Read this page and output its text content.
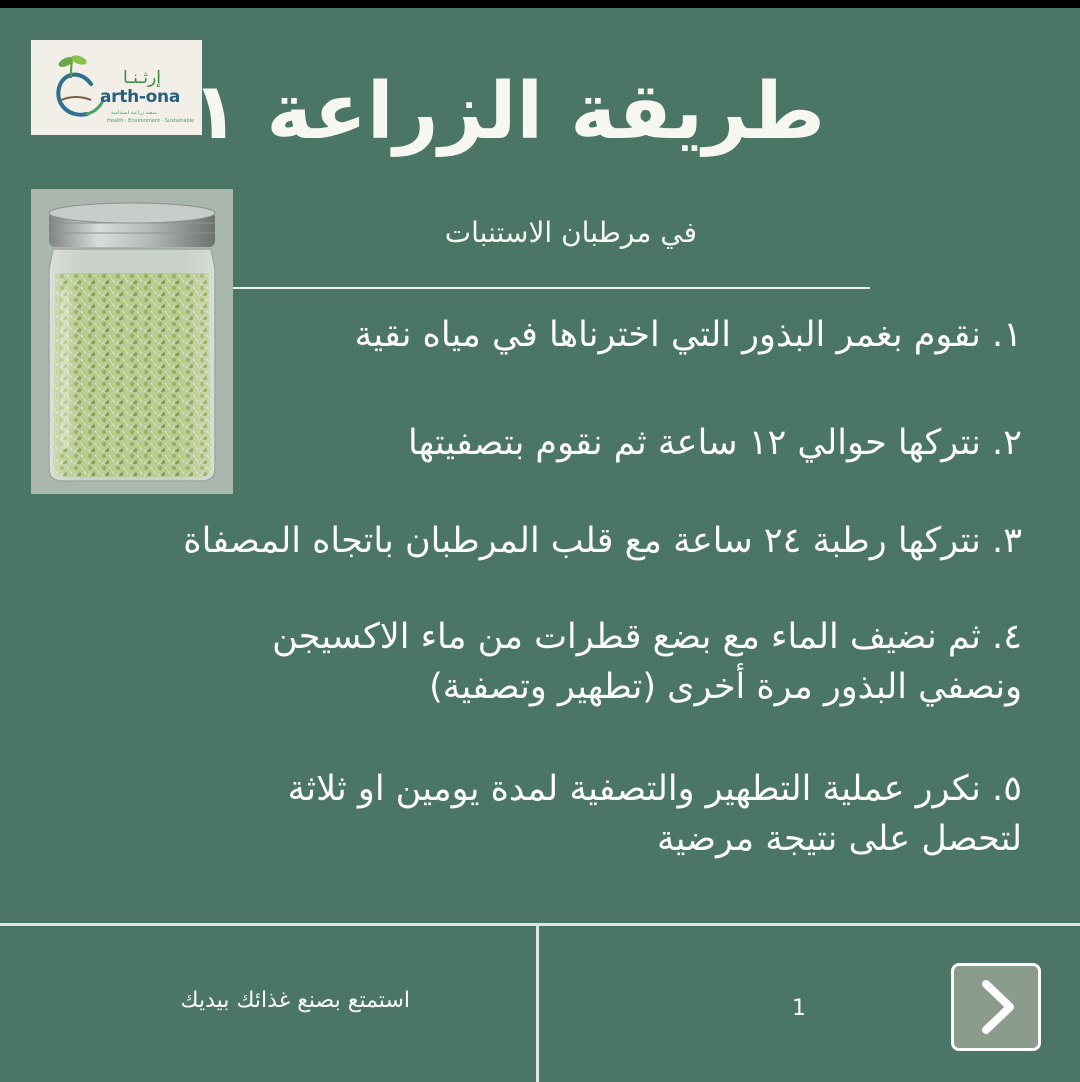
إرثـنـا
arth-ona
منصة زراعية استدامية
Health · Environment · Sustainable
طريقة الزراعة ١
في مرطبان الاستنبات
١. نقوم بغمر البذور التي اخترناها في مياه نقية
٢. نتركها حوالي ١٢ ساعة ثم نقوم بتصفيتها
٣. نتركها رطبة ٢٤ ساعة مع قلب المرطبان باتجاه المصفاة
٤. ثم نضيف الماء مع بضع قطرات من ماء الاكسيجن
ونصفي البذور مرة أخرى (تطهير وتصفية)
٥. نكرر عملية التطهير والتصفية لمدة يومين او ثلاثة
لتحصل على نتيجة مرضية
استمتع بصنع غذائك بيديك	1
